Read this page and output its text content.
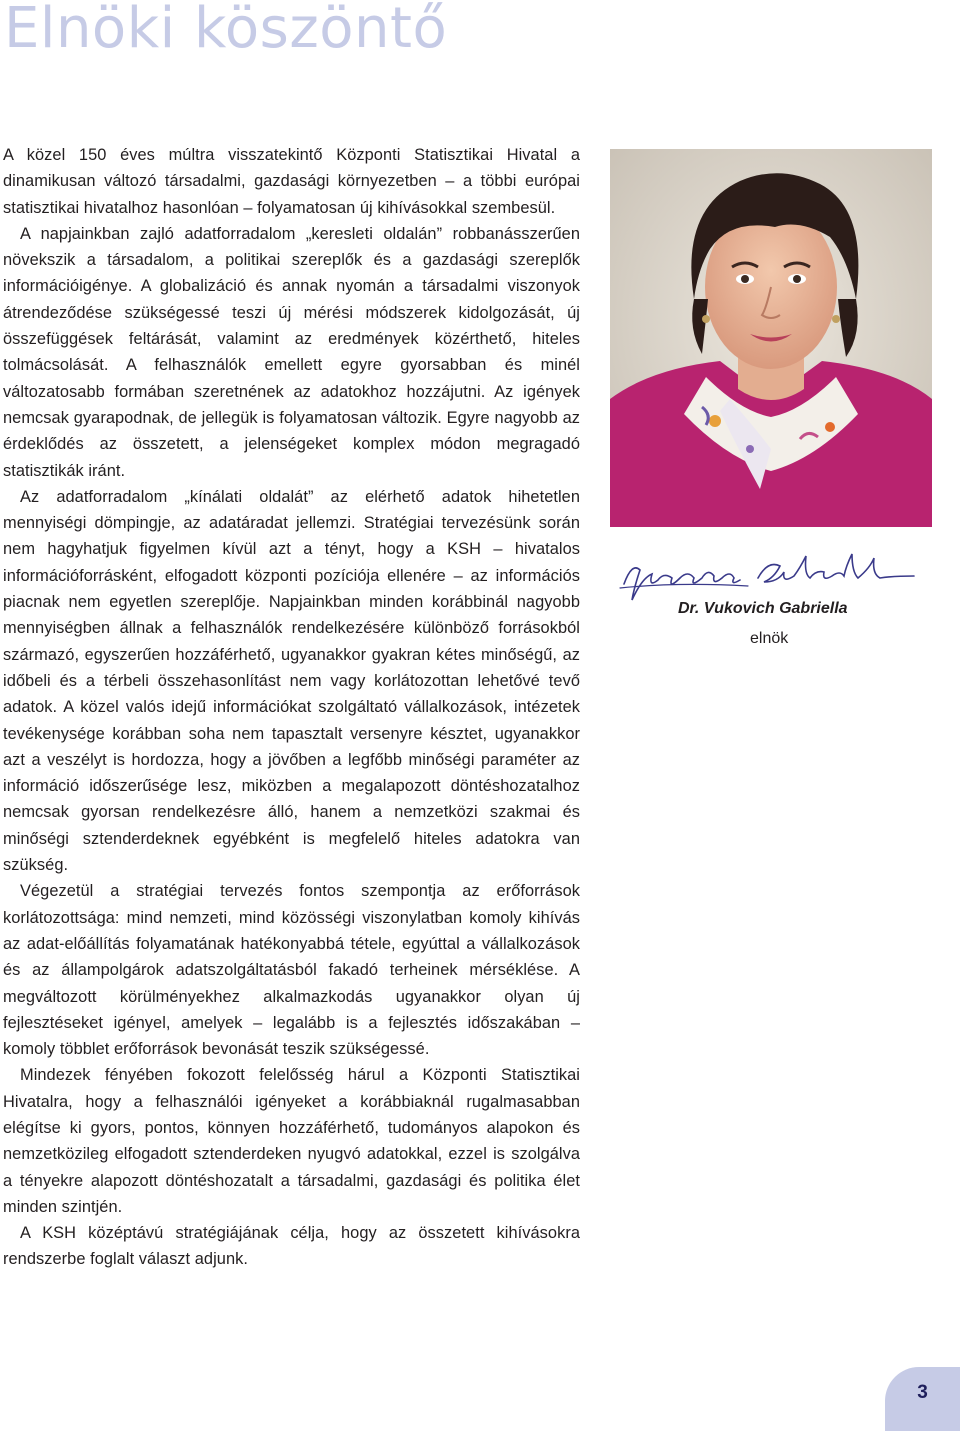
Elnöki köszöntő

A közel 150 éves múltra visszatekintő Központi Statisztikai Hivatal a dinamikusan változó társadalmi, gazdasági környezetben – a többi európai statisztikai hivatalhoz hasonlóan – folyamatosan új kihívásokkal szembesül.

A napjainkban zajló adatforradalom „keresleti oldalán” robbanásszerűen növekszik a társadalom, a politikai szereplők és a gazdasági szereplők információigénye. A globalizáció és annak nyomán a társadalmi viszonyok átrendeződése szükségessé teszi új mérési módszerek kidolgozását, új összefüggések feltárását, valamint az eredmények közérthető, hiteles tolmácsolását. A felhasználók emellett egyre gyorsabban és minél változatosabb formában szeretnének az adatokhoz hozzájutni. Az igények nemcsak gyarapodnak, de jellegük is folyamatosan változik. Egyre nagyobb az érdeklődés az összetett, a jelenségeket komplex módon megragadó statisztikák iránt.

Az adatforradalom „kínálati oldalát” az elérhető adatok hihetetlen mennyiségi dömpingje, az adatáradat jellemzi. Stratégiai tervezésünk során nem hagyhatjuk figyelmen kívül azt a tényt, hogy a KSH – hivatalos információforrásként, elfogadott központi pozíciója ellenére – az információs piacnak nem egyetlen szereplője. Napjainkban minden korábbinál nagyobb mennyiségben állnak a felhasználók rendelkezésére különböző forrásokból származó, egyszerűen hozzáférhető, ugyanakkor gyakran kétes minőségű, az időbeli és a térbeli összehasonlítást nem vagy korlátozottan lehetővé tevő adatok. A közel valós idejű információkat szolgáltató vállalkozások, intézetek tevékenysége korábban soha nem tapasztalt versenyre késztet, ugyanakkor azt a veszélyt is hordozza, hogy a jövőben a legfőbb minőségi paraméter az információ időszerűsége lesz, miközben a megalapozott döntéshozatalhoz nemcsak gyorsan rendelkezésre álló, hanem a nemzetközi szakmai és minőségi sztenderdeknek egyébként is megfelelő hiteles adatokra van szükség.

Végezetül a stratégiai tervezés fontos szempontja az erőforrások korlátozottsága: mind nemzeti, mind közösségi viszonylatban komoly kihívás az adat-előállítás folyamatának hatékonyabbá tétele, egyúttal a vállalkozások és az állampolgárok adatszolgáltatásból fakadó terheinek mérséklése. A megváltozott körülményekhez alkalmazkodás ugyanakkor olyan új fejlesztéseket igényel, amelyek – legalább is a fejlesztés időszakában – komoly többlet erőforrások bevonását teszik szükségessé.

Mindezek fényében fokozott felelősség hárul a Központi Statisztikai Hivatalra, hogy a felhasználói igényeket a korábbiaknál rugalmasabban elégítse ki gyors, pontos, könnyen hozzáférhető, tudományos alapokon és nemzetközileg elfogadott sztenderdeken nyugvó adatokkal, ezzel is szolgálva a tényekre alapozott döntéshozatalt a társadalmi, gazdasági és politika élet minden szintjén.

A KSH középtávú stratégiájának célja, hogy az összetett kihívásokra rendszerbe foglalt választ adjunk.

Dr. Vukovich Gabriella
elnök
3
